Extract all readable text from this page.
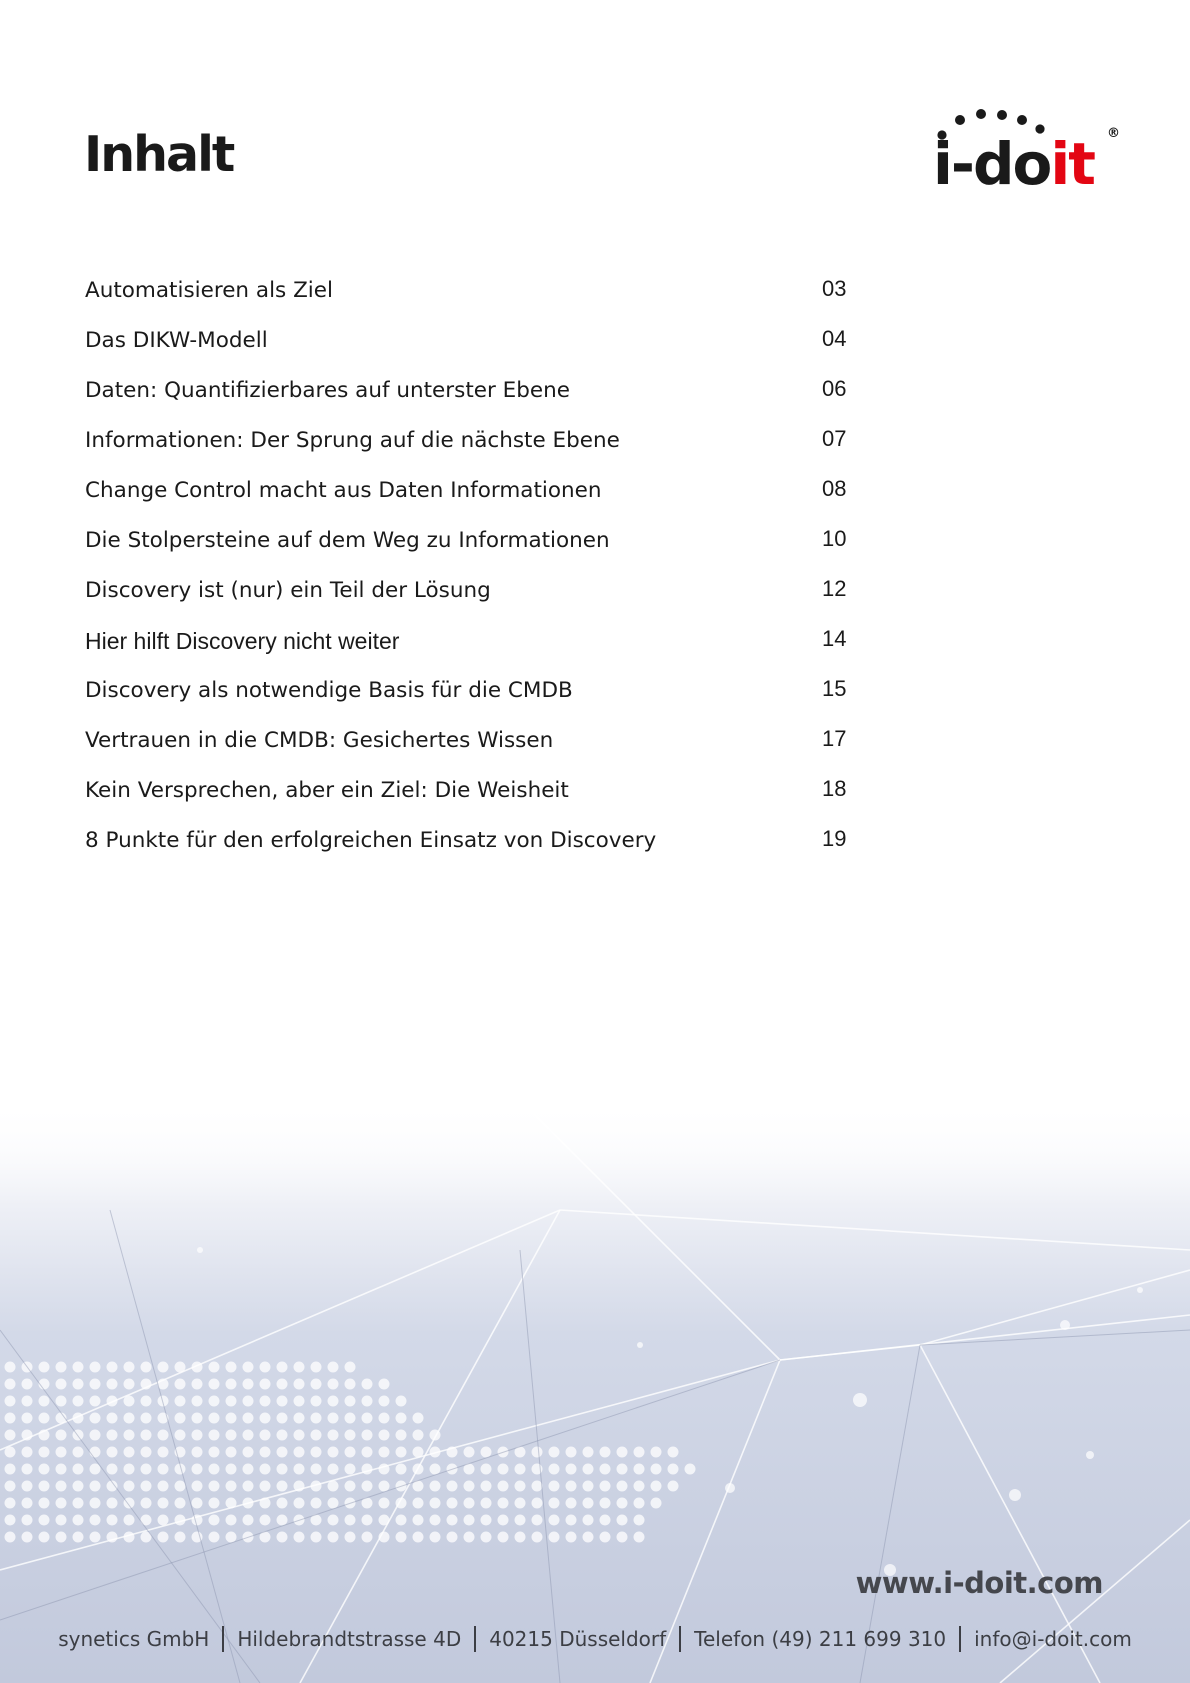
Inhalt	i-doit ®
Automatisieren als Ziel	03
Das DIKW-Modell	04
Daten: Quantifizierbares auf unterster Ebene	06
Informationen: Der Sprung auf die nächste Ebene	07
Change Control macht aus Daten Informationen	08
Die Stolpersteine auf dem Weg zu Informationen	10
Discovery ist (nur) ein Teil der Lösung	12
Hier hilft Discovery nicht weiter	14
Discovery als notwendige Basis für die CMDB	15
Vertrauen in die CMDB: Gesichertes Wissen	17
Kein Versprechen, aber ein Ziel: Die Weisheit	18
8 Punkte für den erfolgreichen Einsatz von Discovery	19
www.i-doit.com
synetics GmbH Hildebrandtstrasse 4D 40215 Düsseldorf Telefon (49) 211 699 310 info@i-doit.com
